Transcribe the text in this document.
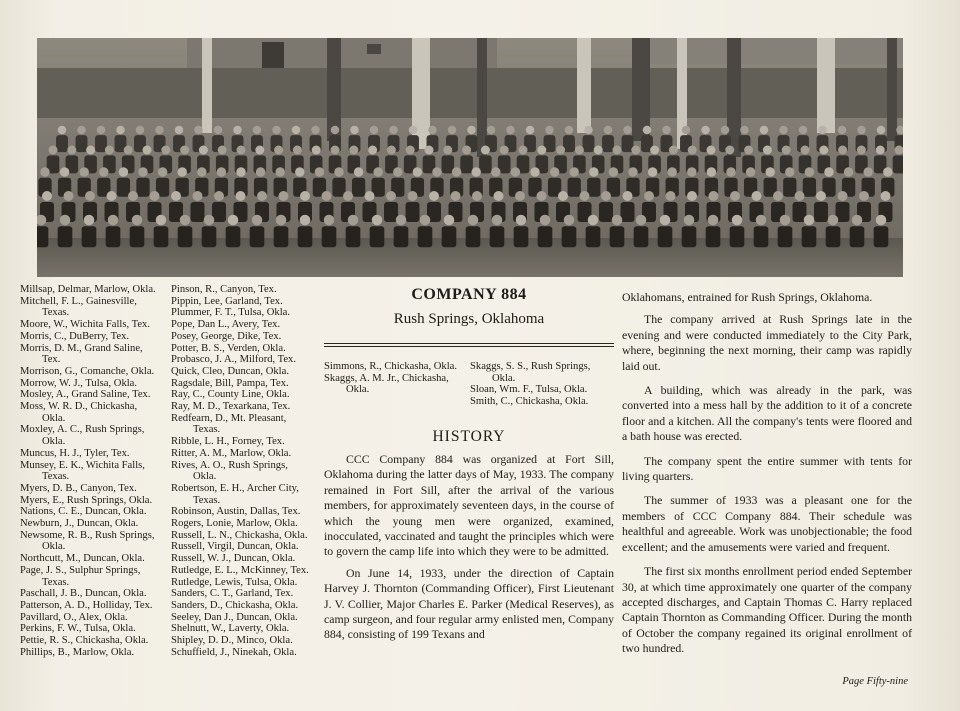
Millsap, Delmar, Marlow, Okla.
Mitchell, F. L., Gainesville,
Texas.
Moore, W., Wichita Falls, Tex.
Morris, C., DuBerry, Tex.
Morris, D. M., Grand Saline,
Tex.
Morrison, G., Comanche, Okla.
Morrow, W. J., Tulsa, Okla.
Mosley, A., Grand Saline, Tex.
Moss, W. R. D., Chickasha,
Okla.
Moxley, A. C., Rush Springs,
Okla.
Muncus, H. J., Tyler, Tex.
Munsey, E. K., Wichita Falls,
Texas.
Myers, D. B., Canyon, Tex.
Myers, E., Rush Springs, Okla.
Nations, C. E., Duncan, Okla.
Newburn, J., Duncan, Okla.
Newsome, R. B., Rush Springs,
Okla.
Northcutt, M., Duncan, Okla.
Page, J. S., Sulphur Springs,
Texas.
Paschall, J. B., Duncan, Okla.
Patterson, A. D., Holliday, Tex.
Pavillard, O., Alex, Okla.
Perkins, F. W., Tulsa, Okla.
Pettie, R. S., Chickasha, Okla.
Phillips, B., Marlow, Okla.
Pinson, R., Canyon, Tex.
Pippin, Lee, Garland, Tex.
Plummer, F. T., Tulsa, Okla.
Pope, Dan L., Avery, Tex.
Posey, George, Dike, Tex.
Potter, B. S., Verden, Okla.
Probasco, J. A., Milford, Tex.
Quick, Cleo, Duncan, Okla.
Ragsdale, Bill, Pampa, Tex.
Ray, C., County Line, Okla.
Ray, M. D., Texarkana, Tex.
Redfearn, D., Mt. Pleasant,
Texas.
Ribble, L. H., Forney, Tex.
Ritter, A. M., Marlow, Okla.
Rives, A. O., Rush Springs,
Okla.
Robertson, E. H., Archer City,
Texas.
Robinson, Austin, Dallas, Tex.
Rogers, Lonie, Marlow, Okla.
Russell, L. N., Chickasha, Okla.
Russell, Virgil, Duncan, Okla.
Russell, W. J., Duncan, Okla.
Rutledge, E. L., McKinney, Tex.
Rutledge, Lewis, Tulsa, Okla.
Sanders, C. T., Garland, Tex.
Sanders, D., Chickasha, Okla.
Seeley, Dan J., Duncan, Okla.
Shelnutt, W., Laverty, Okla.
Shipley, D. D., Minco, Okla.
Schuffield, J., Ninekah, Okla.
COMPANY 884
Rush Springs, Oklahoma
Simmons, R., Chickasha, Okla.
Skaggs, A. M. Jr., Chickasha,
Okla.
Skaggs, S. S., Rush Springs,
Okla.
Sloan, Wm. F., Tulsa, Okla.
Smith, C., Chickasha, Okla.
HISTORY

CCC Company 884 was organized at Fort Sill, Oklahoma during the latter days of May, 1933. The company remained in Fort Sill, after the arrival of the various members, for approximately seventeen days, in the course of which the young men were organized, examined, inocculated, vaccinated and taught the principles which were to govern the camp life into which they were to be admitted.

On June 14, 1933, under the direction of Captain Harvey J. Thornton (Commanding Officer), First Lieutenant J. V. Collier, Major Charles E. Parker (Medical Reserves), as camp surgeon, and four regular army enlisted men, Company 884, consisting of 199 Texans and

Oklahomans, entrained for Rush Springs, Oklahoma.

The company arrived at Rush Springs late in the evening and were conducted immediately to the City Park, where, beginning the next morning, their camp was rapidly laid out.

A building, which was already in the park, was converted into a mess hall by the addition to it of a concrete floor and a kitchen. All the company's tents were floored and a bath house was erected.

The company spent the entire summer with tents for living quarters.

The summer of 1933 was a pleasant one for the members of CCC Company 884. Their schedule was healthful and agreeable. Work was unobjectionable; the food excellent; and the amusements were varied and frequent.

The first six months enrollment period ended September 30, at which time approximately one quarter of the company accepted discharges, and Captain Thomas C. Harry replaced Captain Thornton as Commanding Officer. During the month of October the company regained its original enrollment of two hundred.

Page Fifty-nine
